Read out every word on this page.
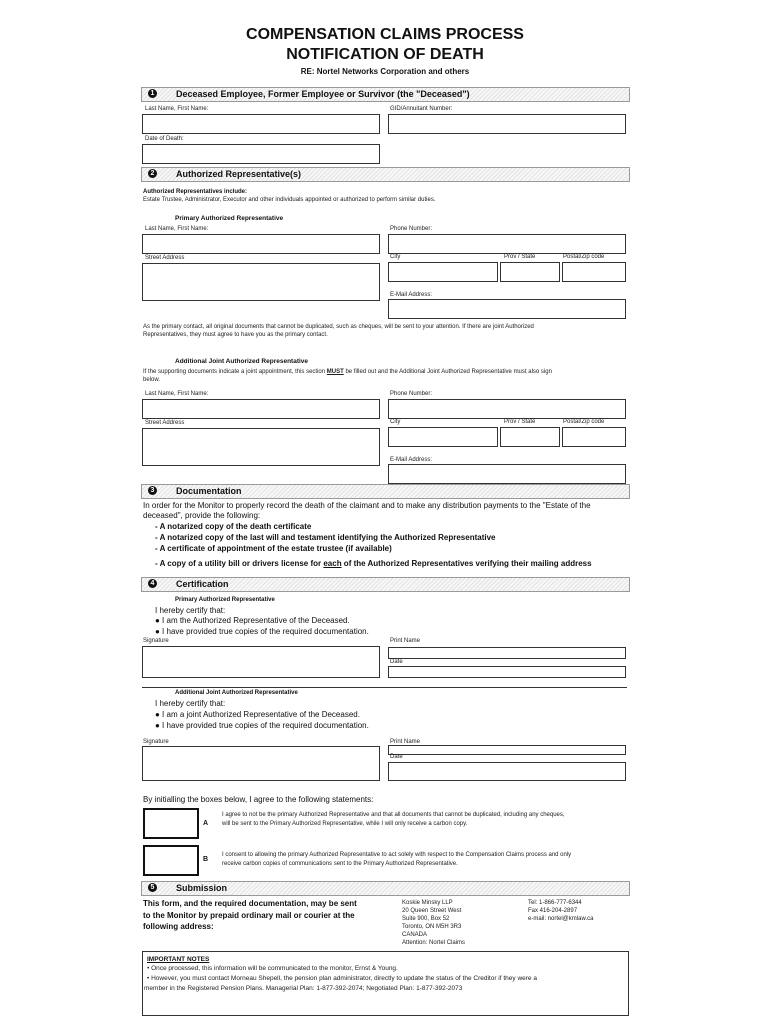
COMPENSATION CLAIMS PROCESS
NOTIFICATION OF DEATH
RE: Nortel Networks Corporation and others
1 Deceased Employee, Former Employee or Survivor (the "Deceased")
Last Name, First Name:	GID/Annuitant Number:
Date of Death:
2 Authorized Representative(s)
Authorized Representatives include:
Estate Trustee, Administrator, Executor and other individuals appointed or authorized to perform similar duties.
Primary Authorized Representative
Last Name, First Name:	Phone Number:
Street Address	City	Prov / State	Postal/Zip code
E-Mail Address:
As the primary contact, all original documents that cannot be duplicated, such as cheques, will be sent to your attention. If there are joint Authorized
Representatives, they must agree to have you as the primary contact.
Additional Joint Authorized Representative
If the supporting documents indicate a joint appointment, this section MUST be filled out and the Additional Joint Authorized Representative must also sign
below.
Last Name, First Name:	Phone Number:
Street Address	City	Prov / State	Postal/Zip code
E-Mail Address:
3 Documentation
In order for the Monitor to properly record the death of the claimant and to make any distribution payments to the "Estate of the
deceased", provide the following:
- A notarized copy of the death certificate
- A notarized copy of the last will and testament identifying the Authorized Representative
- A certificate of appointment of the estate trustee (if available)
- A copy of a utility bill or drivers license for each of the Authorized Representatives verifying their mailing address
4 Certification
Primary Authorized Representative
I hereby certify that:
● I am the Authorized Representative of the Deceased.
● I have provided true copies of the required documentation.
Signature	Print Name
Date
Additional Joint Authorized Representative
I hereby certify that:
● I am a joint Authorized Representative of the Deceased.
● I have provided true copies of the required documentation.
Signature	Print Name
Date
By initialling the boxes below, I agree to the following statements:
A
I agree to not be the primary Authorized Representative and that all documents that cannot be duplicated, including any cheques,
will be sent to the Primary Authorized Representative, while I will only receive a carbon copy.
B
I consent to allowing the primary Authorized Representative to act solely with respect to the Compensation Claims process and only
receive carbon copies of communications sent to the Primary Authorized Representative.
5 Submission
This form, and the required documentation, may be sent
to the Monitor by prepaid ordinary mail or courier at the
following address:
Koskie Minsky LLP
20 Queen Street West
Suite 900, Box 52
Toronto, ON M5H 3R3
CANADA
Attention: Nortel Claims
Tel: 1-866-777-6344
Fax 416-204-2897
e-mail: nortel@kmlaw.ca
IMPORTANT NOTES
• Once processed, this information will be communicated to the monitor, Ernst & Young.
• However, you must contact Morneau Shepell, the pension plan administrator, directly to update the status of the Creditor if they were a
member in the Registered Pension Plans. Managerial Plan: 1-877-392-2074; Negotiated Plan: 1-877-392-2073
